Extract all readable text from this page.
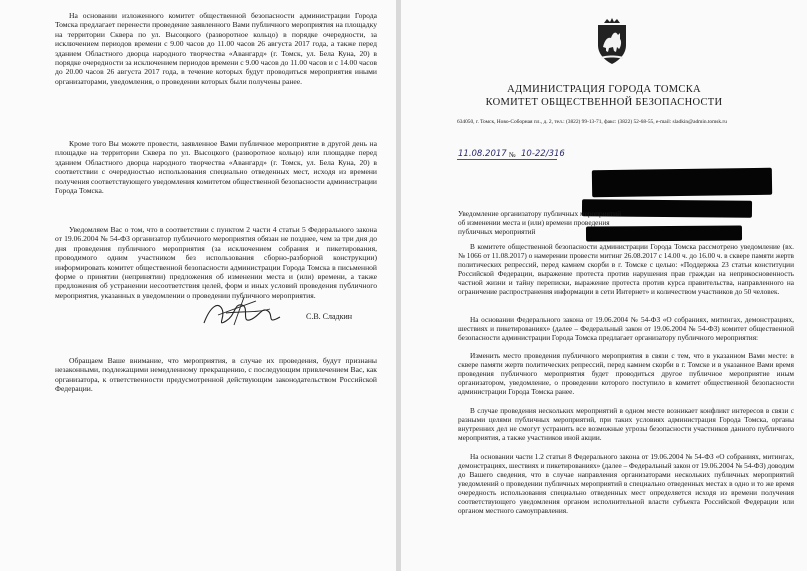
На основании изложенного комитет общественной безопасности администрации Города Томска предлагает перенести проведение заявленного Вами публичного мероприятия на площадку на территории Сквера по ул. Высоцкого (разворотное кольцо) в порядке очередности, за исключением периодов времени с 9.00 часов до 11.00 часов 26 августа 2017 года, а также перед зданием Областного дворца народного творчества «Авангард» (г. Томск, ул. Бела Куна, 20) в порядке очередности за исключением периодов времени с 9.00 часов до 11.00 часов и с 14.00 часов до 20.00 часов 26 августа 2017 года, в течение которых будут проводиться мероприятия иными организаторами, уведомления, о проведении которых были получены ранее.

Кроме того Вы можете провести, заявленное Вами публичное мероприятие в другой день на площадке на территории Сквера по ул. Высоцкого (разворотное кольцо) или площадке перед зданием Областного дворца народного творчества «Авангард» (г. Томск, ул. Бела Куна, 20) в соответствии с очередностью использования специально отведенных мест, исходя из времени получения соответствующего уведомления комитетом общественной безопасности администрации Города Томска.

Уведомляем Вас о том, что в соответствии с пунктом 2 части 4 статьи 5 Федерального закона от 19.06.2004 № 54-ФЗ организатор публичного мероприятия обязан не позднее, чем за три дня до дня проведения публичного мероприятия (за исключением собрания и пикетирования, проводимого одним участником без использования сборно-разборной конструкции) информировать комитет общественной безопасности администрации Города Томска в письменной форме о принятии (непринятии) предложения об изменении места и (или) времени, а также предложения об устранении несоответствия целей, форм и иных условий проведения публичного мероприятия, указанных в уведомлении о проведении публичного мероприятия.

Обращаем Ваше внимание, что мероприятия, в случае их проведения, будут признаны незаконными, подлежащими немедленному прекращению, с последующим привлечением Вас, как организатора, к ответственности предусмотренной действующим законодательством Российской Федерации.

С.В. Сладкин
АДМИНИСТРАЦИЯ ГОРОДА ТОМСКА
КОМИТЕТ ОБЩЕСТВЕННОЙ БЕЗОПАСНОСТИ
634050, г. Томск, Ново-Соборная пл., д. 2, тел.: (3822) 99-13-71, факс: (3822) 52-68-55, e-mail: sladkin@admin.tomsk.ru
11.08.2017 № 10-22/316
Уведомление организатору публичных мероприятий об изменении места и (или) времени проведения публичных мероприятий

В комитете общественной безопасности администрации Города Томска рассмотрено уведомление (вх. № 1066 от 11.08.2017) о намерении провести митинг 26.08.2017 с 14.00 ч. до 16.00 ч. в сквере памяти жертв политических репрессий, перед камнем скорби в г. Томске с целью: «Поддержка 23 статьи конституции Российской Федерации, выражение протеста против нарушения прав граждан на неприкосновенность частной жизни и тайну переписки, выражение протеста против курса правительства, направленного на ограничение распространения информации в сети Интернет» и количеством участников до 50 человек.

На основании Федерального закона от 19.06.2004 № 54-ФЗ «О собраниях, митингах, демонстрациях, шествиях и пикетированиях» (далее – Федеральный закон от 19.06.2004 № 54-ФЗ) комитет общественной безопасности администрации Города Томска предлагает организатору публичного мероприятия:

Изменить место проведения публичного мероприятия в связи с тем, что в указанном Вами месте: в сквере памяти жертв политических репрессий, перед камнем скорби в г. Томске и в указанное Вами время проведения публичного мероприятия будет проводиться другое публичное мероприятие иным организатором, уведомление, о проведении которого поступило в комитет общественной безопасности администрации Города Томска ранее.

В случае проведения нескольких мероприятий в одном месте возникает конфликт интересов в связи с разными целями публичных мероприятий, при таких условиях администрация Города Томска, органы внутренних дел не смогут устранить все возможные угрозы безопасности участников данного публичного мероприятия, а также участников иной акции.

На основании части 1.2 статьи 8 Федерального закона от 19.06.2004 № 54-ФЗ «О собраниях, митингах, демонстрациях, шествиях и пикетированиях» (далее – Федеральный закон от 19.06.2004 № 54-ФЗ) доводим до Вашего сведения, что в случае направления организаторами нескольких публичных мероприятий уведомлений о проведении публичных мероприятий в специально отведенных местах в одно и то же время очередность использования специально отведенных мест определяется исходя из времени получения соответствующего уведомления органом исполнительной власти субъекта Российской Федерации или органом местного самоуправления.
